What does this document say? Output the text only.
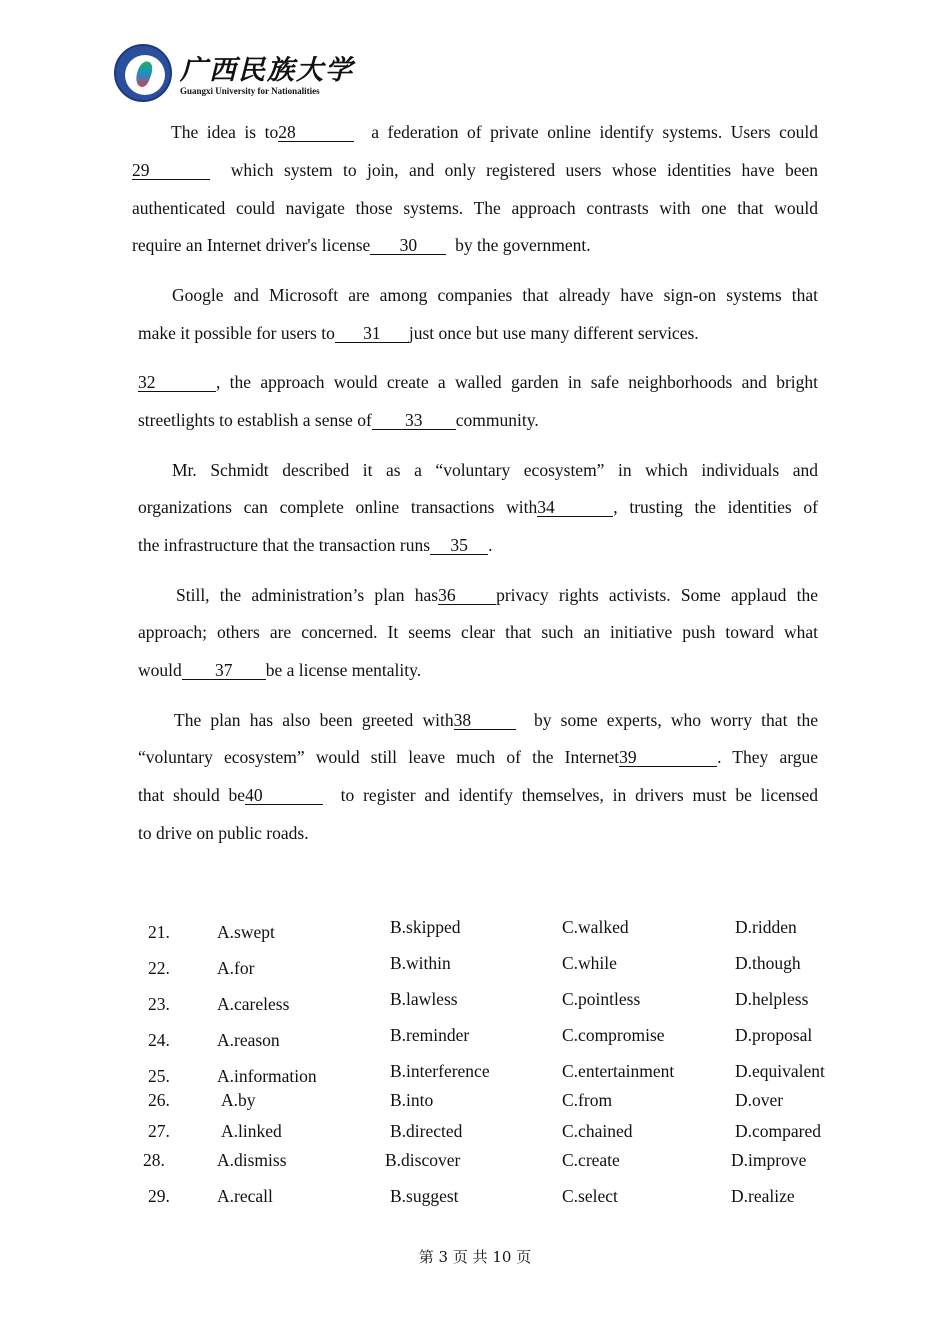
广西民族大学
Guangxi University for Nationalities
The idea is to28	a federation of private online identify systems. Users could
29	which system to join, and only registered users whose identities have been
authenticated could navigate those systems. The approach contrasts with one that would
require an Internet driver's license 30  by the government.
Google and Microsoft are among companies that already have sign-on systems that
make it possible for users to 31 just once but use many different services.
32	, the approach would create a walled garden in safe neighborhoods and bright
streetlights to establish a sense of 33 community.
Mr. Schmidt described it as a “voluntary ecosystem” in which individuals and
organizations can complete online transactions with34	, trusting the identities of
the infrastructure that the transaction runs 35 .
Still, the administration’s plan has36 privacy rights activists. Some applaud the
approach; others are concerned. It seems clear that such an initiative push toward what
would 37 be a license mentality.
The plan has also been greeted with38	by some experts, who worry that the
“voluntary ecosystem” would still leave much of the Internet39	. They argue
that should be40	to register and identify themselves, in drivers must be licensed
to drive on public roads.
21.	A.swept	B.skipped	C.walked	D.ridden
22.	A.for	B.within	C.while	D.though
23.	A.careless	B.lawless	C.pointless	D.helpless
24.	A.reason	B.reminder	C.compromise	D.proposal
25.	A.information	B.interference	C.entertainment	D.equivalent
26.	A.by	B.into	C.from	D.over
27.	A.linked	B.directed	C.chained	D.compared
28.	A.dismiss	B.discover	C.create	D.improve
29.	A.recall	B.suggest	C.select	D.realize
第 3 页 共 10 页
